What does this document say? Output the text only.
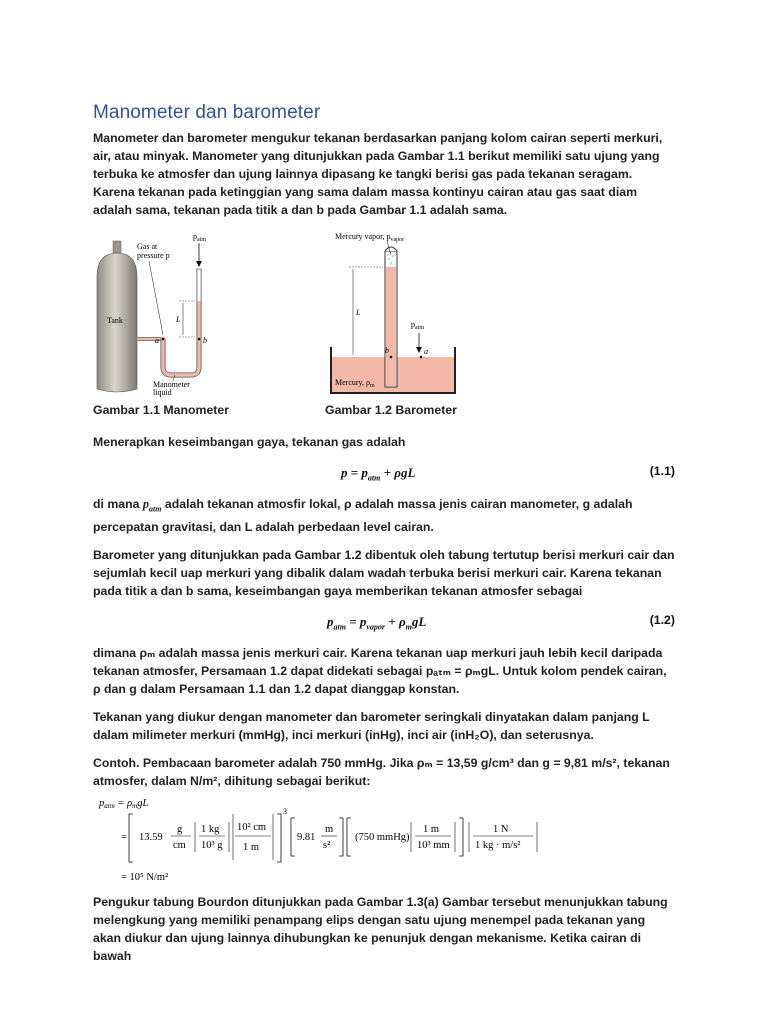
Manometer dan barometer

Manometer dan barometer mengukur tekanan berdasarkan panjang kolom cairan seperti merkuri, air, atau minyak. Manometer yang ditunjukkan pada Gambar 1.1 berikut memiliki satu ujung yang terbuka ke atmosfer dan ujung lainnya dipasang ke tangki berisi gas pada tekanan seragam. Karena tekanan pada ketinggian yang sama dalam massa kontinyu cairan atau gas saat diam adalah sama, tekanan pada titik a dan b pada Gambar 1.1 adalah sama.

$p_{atm}$
Gas at
pressure p
L
a	b
Tank
Manometer
liquid
Mercury vapor, $p_{vapor}$
L
$p_{atm}$
b	a
Mercury, $\rho_m$
Gambar 1.1 Manometer	Gambar 1.2 Barometer

Menerapkan keseimbangan gaya, tekanan gas adalah

$p = p_{atm} + \rho gL$	(1.1)

di mana $p_{atm}$ adalah tekanan atmosfir lokal, ρ adalah massa jenis cairan manometer, g adalah percepatan gravitasi, dan L adalah perbedaan level cairan.

Barometer yang ditunjukkan pada Gambar 1.2 dibentuk oleh tabung tertutup berisi merkuri cair dan sejumlah kecil uap merkuri yang dibalik dalam wadah terbuka berisi merkuri cair. Karena tekanan pada titik a dan b sama, keseimbangan gaya memberikan tekanan atmosfer sebagai

$p_{atm} = p_{vapor} + \rho_mgL$	(1.2)

dimana ρₘ adalah massa jenis merkuri cair. Karena tekanan uap merkuri jauh lebih kecil daripada tekanan atmosfer, Persamaan 1.2 dapat didekati sebagai pₐₜₘ = ρₘgL. Untuk kolom pendek cairan, ρ dan g dalam Persamaan 1.1 dan 1.2 dapat dianggap konstan.

Tekanan yang diukur dengan manometer dan barometer seringkali dinyatakan dalam panjang L dalam milimeter merkuri (mmHg), inci merkuri (inHg), inci air (inH₂O), dan seterusnya.

Contoh. Pembacaan barometer adalah 750 mmHg. Jika ρₘ = 13,59 g/cm³ dan g = 9,81 m/s², tekanan atmosfer, dalam N/m², dihitung sebagai berikut:

patm = ρmgL
= 13.59
g
cm
1 kg
10³ g
10² cm
1 m
3
9.81
m
s²
(750 mmHg)
1 m
10³ mm
1 N
1 kg · m/s²
= 10⁵ N/m²

Pengukur tabung Bourdon ditunjukkan pada Gambar 1.3(a) Gambar tersebut menunjukkan tabung melengkung yang memiliki penampang elips dengan satu ujung menempel pada tekanan yang akan diukur dan ujung lainnya dihubungkan ke penunjuk dengan mekanisme. Ketika cairan di bawah
